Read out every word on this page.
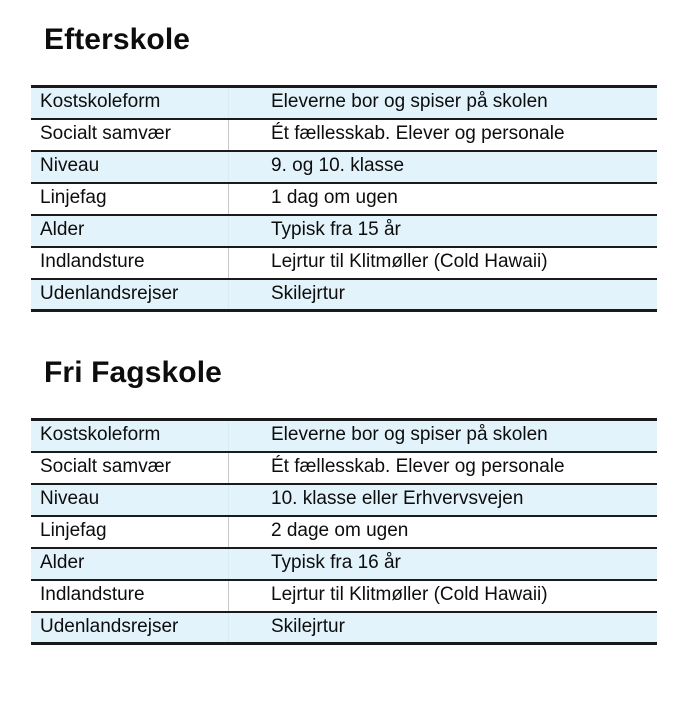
Efterskole
Kostskoleform		Eleverne bor og spiser på skolen
Socialt samvær		Ét fællesskab. Elever og personale
Niveau		9. og 10. klasse
Linjefag		1 dag om ugen
Alder		Typisk fra 15 år
Indlandsture		Lejrtur til Klitmøller (Cold Hawaii)
Udenlandsrejser		Skilejrtur
Fri Fagskole
Kostskoleform		Eleverne bor og spiser på skolen
Socialt samvær		Ét fællesskab. Elever og personale
Niveau		10. klasse eller Erhvervsvejen
Linjefag		2 dage om ugen
Alder		Typisk fra 16 år
Indlandsture		Lejrtur til Klitmøller (Cold Hawaii)
Udenlandsrejser		Skilejrtur
